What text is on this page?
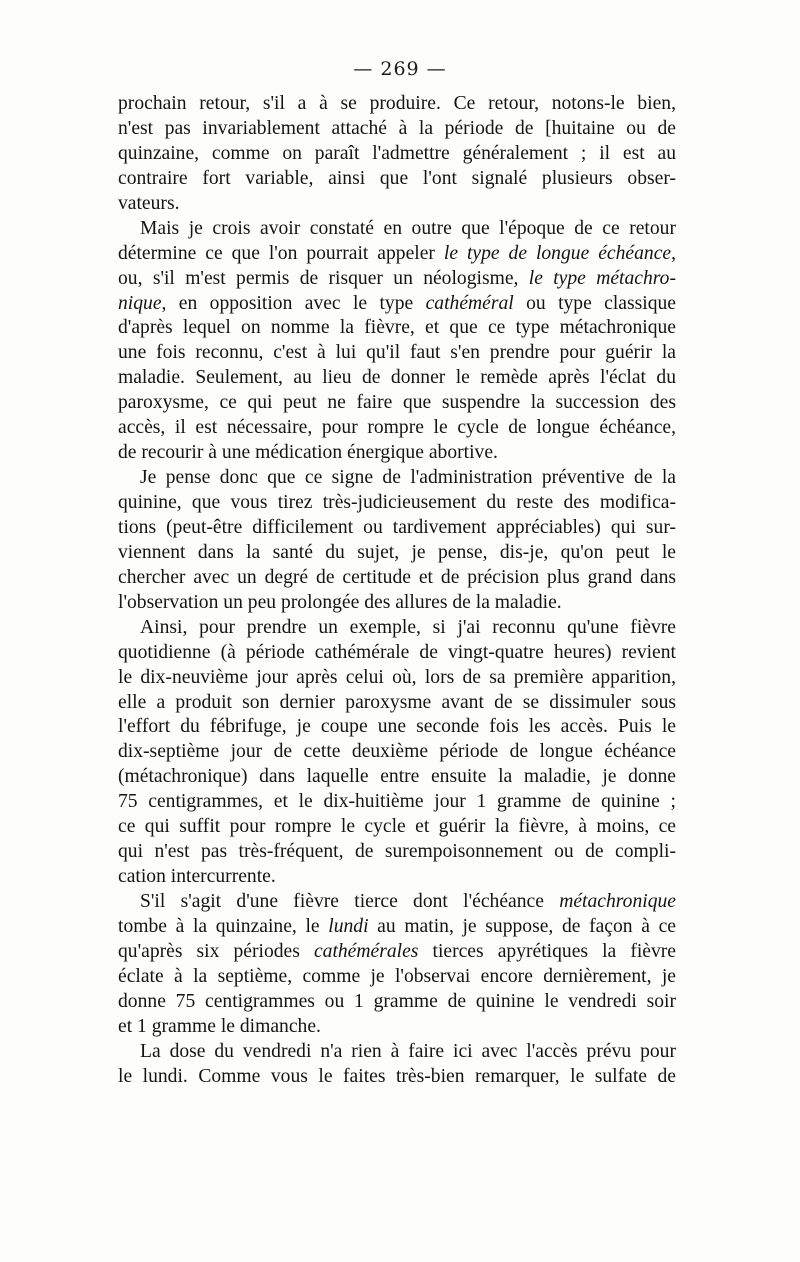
— 269 —
prochain retour, s'il a à se produire. Ce retour, notons-le bien,
n'est pas invariablement attaché à la période de [huitaine ou de
quinzaine, comme on paraît l'admettre généralement ; il est au
contraire fort variable, ainsi que l'ont signalé plusieurs obser-
vateurs.
Mais je crois avoir constaté en outre que l'époque de ce retour
détermine ce que l'on pourrait appeler le type de longue échéance,
ou, s'il m'est permis de risquer un néologisme, le type métachro-
nique, en opposition avec le type cathéméral ou type classique
d'après lequel on nomme la fièvre, et que ce type métachronique
une fois reconnu, c'est à lui qu'il faut s'en prendre pour guérir la
maladie. Seulement, au lieu de donner le remède après l'éclat du
paroxysme, ce qui peut ne faire que suspendre la succession des
accès, il est nécessaire, pour rompre le cycle de longue échéance,
de recourir à une médication énergique abortive.
Je pense donc que ce signe de l'administration préventive de la
quinine, que vous tirez très-judicieusement du reste des modifica-
tions (peut-être difficilement ou tardivement appréciables) qui sur-
viennent dans la santé du sujet, je pense, dis-je, qu'on peut le
chercher avec un degré de certitude et de précision plus grand dans
l'observation un peu prolongée des allures de la maladie.
Ainsi, pour prendre un exemple, si j'ai reconnu qu'une fièvre
quotidienne (à période cathémérale de vingt-quatre heures) revient
le dix-neuvième jour après celui où, lors de sa première apparition,
elle a produit son dernier paroxysme avant de se dissimuler sous
l'effort du fébrifuge, je coupe une seconde fois les accès. Puis le
dix-septième jour de cette deuxième période de longue échéance
(métachronique) dans laquelle entre ensuite la maladie, je donne
75 centigrammes, et le dix-huitième jour 1 gramme de quinine ;
ce qui suffit pour rompre le cycle et guérir la fièvre, à moins, ce
qui n'est pas très-fréquent, de surempoisonnement ou de compli-
cation intercurrente.
S'il s'agit d'une fièvre tierce dont l'échéance métachronique
tombe à la quinzaine, le lundi au matin, je suppose, de façon à ce
qu'après six périodes cathémérales tierces apyrétiques la fièvre
éclate à la septième, comme je l'observai encore dernièrement, je
donne 75 centigrammes ou 1 gramme de quinine le vendredi soir
et 1 gramme le dimanche.
La dose du vendredi n'a rien à faire ici avec l'accès prévu pour
le lundi. Comme vous le faites très-bien remarquer, le sulfate de
